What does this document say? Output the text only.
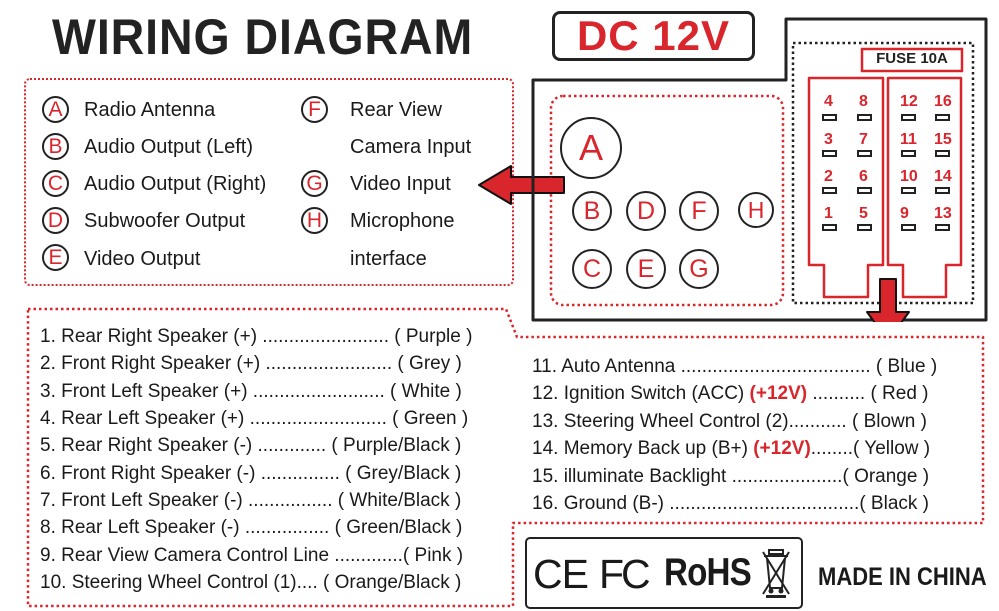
WIRING DIAGRAM	DC 12V
A	Radio Antenna
B	Audio Output (Left)
C Audio Output (Right)
D Subwoofer Output
E	Video Output
F	Rear View
Camera Input
G Video Input
H Microphone
interface
FUSE 10A
4 8
3 7
2 6
1 5
12 16
11 15
10 14
9 13
A
B	D	F	H
C	E	G
1. Rear Right Speaker (+) ........................ ( Purple )
2. Front Right Speaker (+) ........................ ( Grey )
3. Front Left Speaker (+) ......................... ( White )
4. Rear Left Speaker (+) .......................... ( Green )
5. Rear Right Speaker (-) ............. ( Purple/Black )
6. Front Right Speaker (-) ............... ( Grey/Black )
7. Front Left Speaker (-) ................ ( White/Black )
8. Rear Left Speaker (-) ................ ( Green/Black )
9. Rear View Camera Control Line .............( Pink )
10. Steering Wheel Control (1).... ( Orange/Black )
11. Auto Antenna .................................... ( Blue )
12. Ignition Switch (ACC) (+12V) .......... ( Red )
13. Steering Wheel Control (2)........... ( Blown )
14. Memory Back up (B+) (+12V)........( Yellow )
15. illuminate Backlight .....................( Orange )
16. Ground (B-) ....................................( Black )
CE FC RoHS	MADE IN CHINA
